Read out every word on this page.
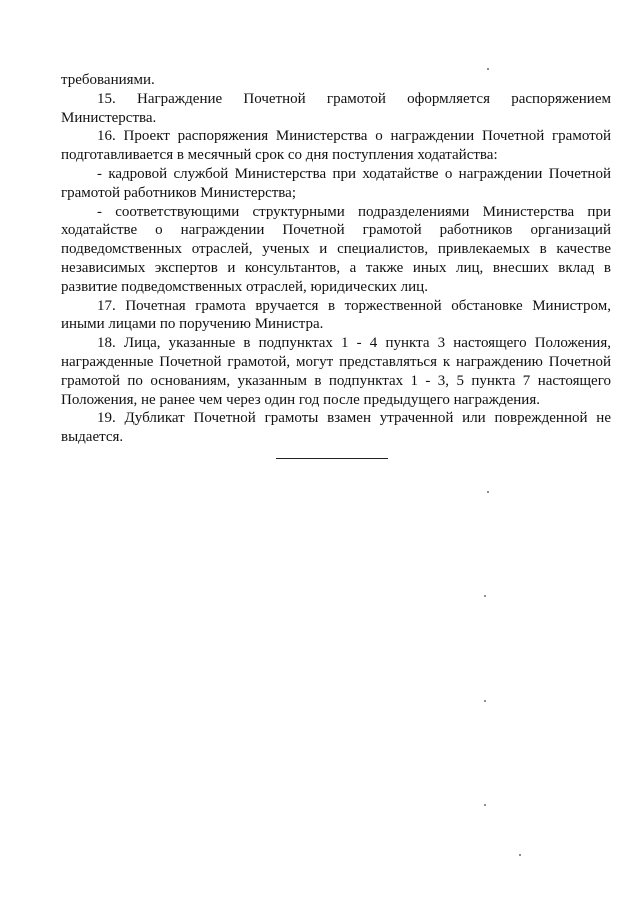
требованиями.

15. Награждение Почетной грамотой оформляется распоряжением Министерства.

16. Проект распоряжения Министерства о награждении Почетной грамотой подготавливается в месячный срок со дня поступления ходатайства:

- кадровой службой Министерства при ходатайстве о награждении Почетной грамотой работников Министерства;

- соответствующими структурными подразделениями Министерства при ходатайстве о награждении Почетной грамотой работников организаций подведомственных отраслей, ученых и специалистов, привлекаемых в качестве независимых экспертов и консультантов, а также иных лиц, внесших вклад в развитие подведомственных отраслей, юридических лиц.

17. Почетная грамота вручается в торжественной обстановке Министром, иными лицами по поручению Министра.

18. Лица, указанные в подпунктах 1 - 4 пункта 3 настоящего Положения, награжденные Почетной грамотой, могут представляться к награждению Почетной грамотой по основаниям, указанным в подпунктах 1 - 3, 5 пункта 7 настоящего Положения, не ранее чем через один год после предыдущего награждения.

19. Дубликат Почетной грамоты взамен утраченной или поврежденной не выдается.
